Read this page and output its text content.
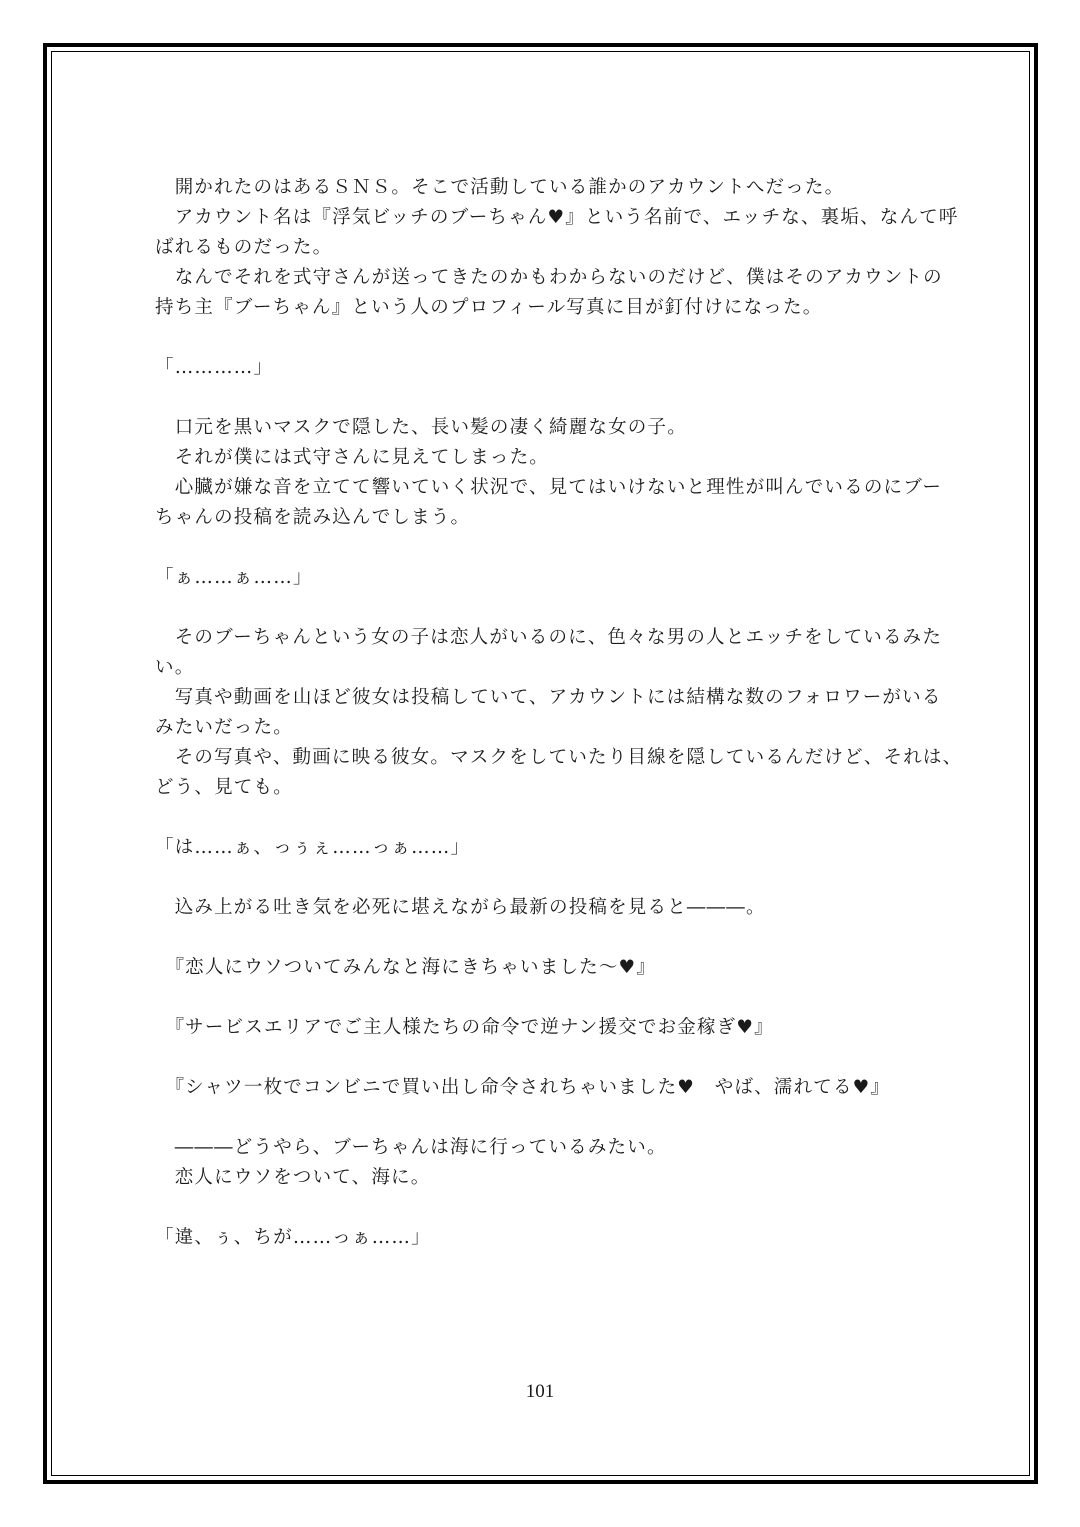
　開かれたのはあるＳＮＳ。そこで活動している誰かのアカウントへだった。
　アカウント名は『浮気ビッチのブーちゃん♥』という名前で、エッチな、裏垢、なんて呼
ばれるものだった。
　なんでそれを式守さんが送ってきたのかもわからないのだけど、僕はそのアカウントの
持ち主『ブーちゃん』という人のプロフィール写真に目が釘付けになった。
「…………」
　口元を黒いマスクで隠した、長い髪の凄く綺麗な女の子。
　それが僕には式守さんに見えてしまった。
　心臓が嫌な音を立てて響いていく状況で、見てはいけないと理性が叫んでいるのにブー
ちゃんの投稿を読み込んでしまう。
「ぁ……ぁ……」
　そのブーちゃんという女の子は恋人がいるのに、色々な男の人とエッチをしているみた
い。
　写真や動画を山ほど彼女は投稿していて、アカウントには結構な数のフォロワーがいる
みたいだった。
　その写真や、動画に映る彼女。マスクをしていたり目線を隠しているんだけど、それは、
どう、見ても。
「は……ぁ、っぅぇ……っぁ……」
　込み上がる吐き気を必死に堪えながら最新の投稿を見ると―――。
　『恋人にウソついてみんなと海にきちゃいました〜♥』
　『サービスエリアでご主人様たちの命令で逆ナン援交でお金稼ぎ♥』
　『シャツ一枚でコンビニで買い出し命令されちゃいました♥　やば、濡れてる♥』
　―――どうやら、ブーちゃんは海に行っているみたい。
　恋人にウソをついて、海に。
「違、ぅ、ちが……っぁ……」
101
